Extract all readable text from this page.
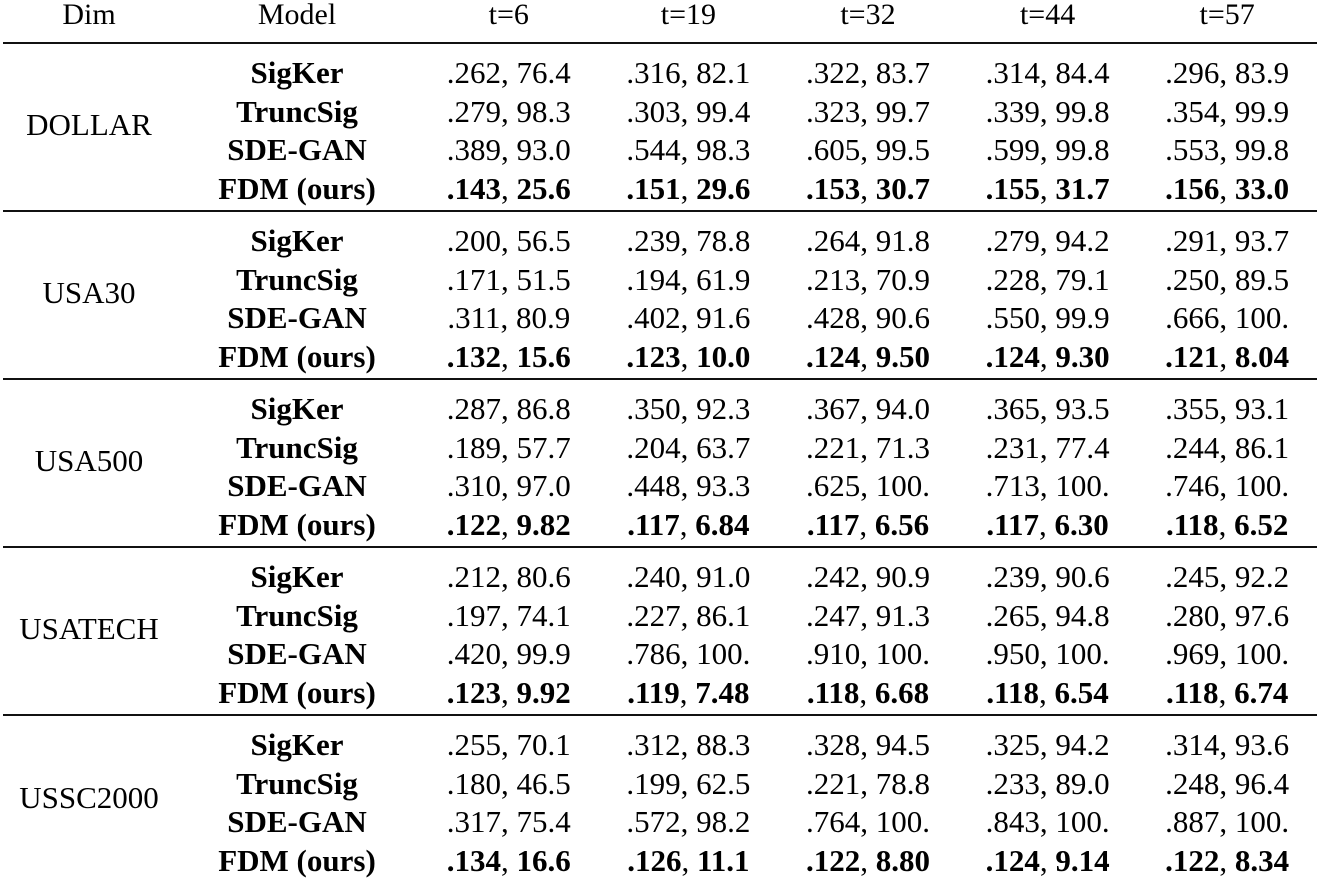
Dim	Model	t=6	t=19	t=32	t=44	t=57
DOLLAR
SigKer	.262, 76.4	.316, 82.1	.322, 83.7	.314, 84.4	.296, 83.9
TruncSig	.279, 98.3	.303, 99.4	.323, 99.7	.339, 99.8	.354, 99.9
SDE-GAN	.389, 93.0	.544, 98.3	.605, 99.5	.599, 99.8	.553, 99.8
FDM (ours)	.143, 25.6	.151, 29.6	.153, 30.7	.155, 31.7	.156, 33.0
USA30
SigKer	.200, 56.5	.239, 78.8	.264, 91.8	.279, 94.2	.291, 93.7
TruncSig	.171, 51.5	.194, 61.9	.213, 70.9	.228, 79.1	.250, 89.5
SDE-GAN	.311, 80.9	.402, 91.6	.428, 90.6	.550, 99.9	.666, 100.
FDM (ours)	.132, 15.6	.123, 10.0	.124, 9.50	.124, 9.30	.121, 8.04
USA500
SigKer	.287, 86.8	.350, 92.3	.367, 94.0	.365, 93.5	.355, 93.1
TruncSig	.189, 57.7	.204, 63.7	.221, 71.3	.231, 77.4	.244, 86.1
SDE-GAN	.310, 97.0	.448, 93.3	.625, 100.	.713, 100.	.746, 100.
FDM (ours)	.122, 9.82	.117, 6.84	.117, 6.56	.117, 6.30	.118, 6.52
USATECH
SigKer	.212, 80.6	.240, 91.0	.242, 90.9	.239, 90.6	.245, 92.2
TruncSig	.197, 74.1	.227, 86.1	.247, 91.3	.265, 94.8	.280, 97.6
SDE-GAN	.420, 99.9	.786, 100.	.910, 100.	.950, 100.	.969, 100.
FDM (ours)	.123, 9.92	.119, 7.48	.118, 6.68	.118, 6.54	.118, 6.74
USSC2000
SigKer	.255, 70.1	.312, 88.3	.328, 94.5	.325, 94.2	.314, 93.6
TruncSig	.180, 46.5	.199, 62.5	.221, 78.8	.233, 89.0	.248, 96.4
SDE-GAN	.317, 75.4	.572, 98.2	.764, 100.	.843, 100.	.887, 100.
FDM (ours)	.134, 16.6	.126, 11.1	.122, 8.80	.124, 9.14	.122, 8.34
